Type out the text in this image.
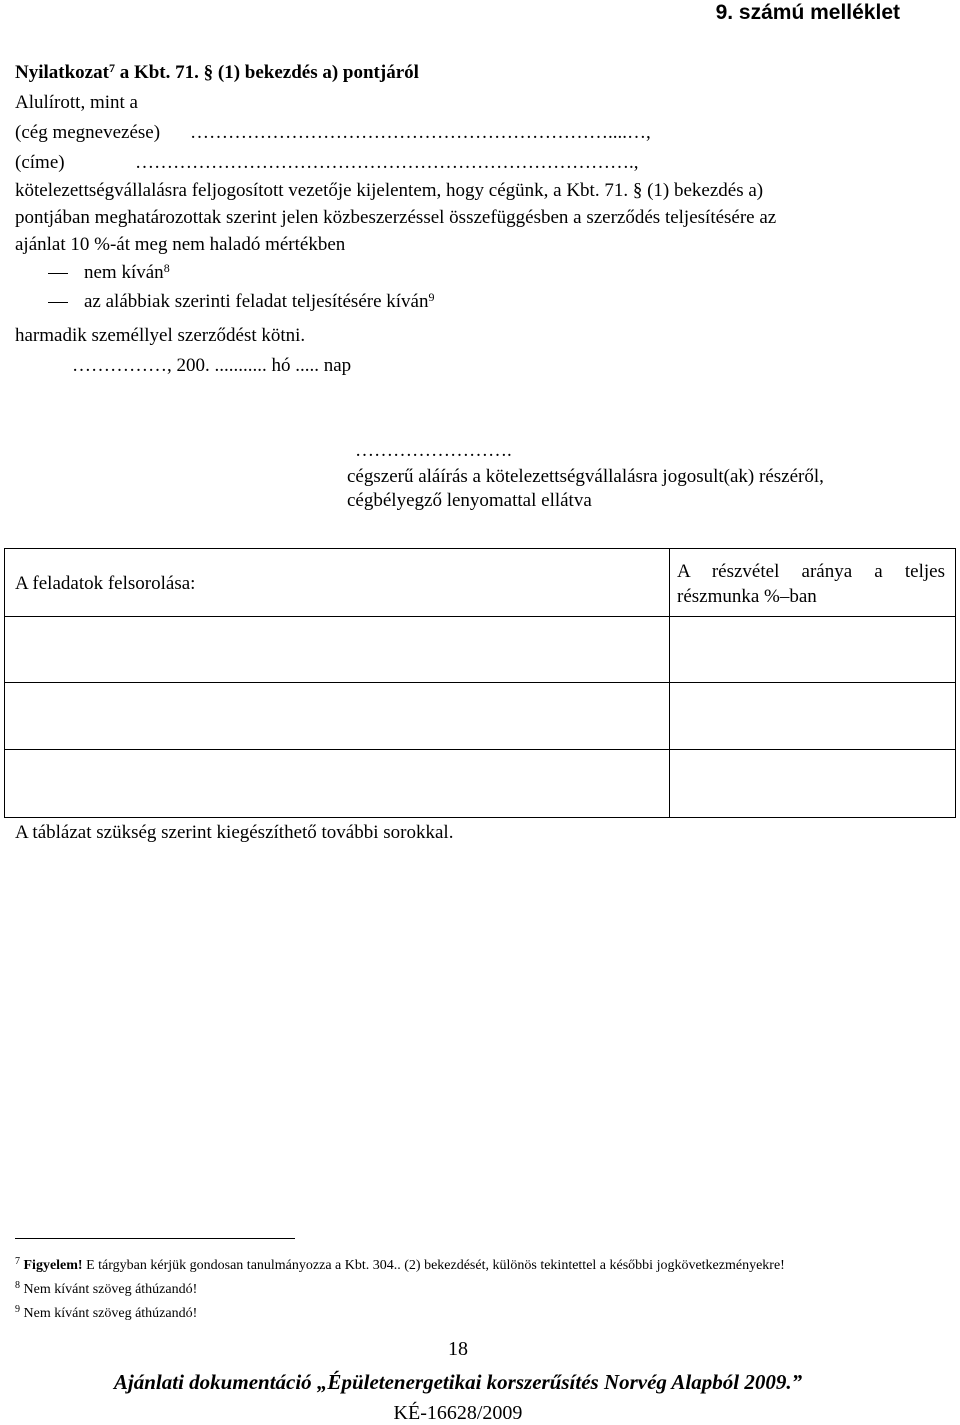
9. számú melléklet
Nyilatkozat$^7$ a Kbt. 71. § (1) bekezdés a) pontjáról
Alulírott, mint a
(cég megnevezése) …………………………………………………………....…,
(címe)	…………………………………………………………………….,
kötelezettségvállalásra feljogosított vezetője kijelentem, hogy cégünk, a Kbt. 71. § (1) bekezdés a)
pontjában meghatározottak szerint jelen közbeszerzéssel összefüggésben a szerződés teljesítésére az
ajánlat 10 %-át meg nem haladó mértékben
nem kíván$^8$
az alábbiak szerinti feladat teljesítésére kíván$^9$
harmadik személlyel szerződést kötni.
……………, 200. ........... hó ..... nap
…………………….
cégszerű aláírás a kötelezettségvállalásra jogosult(ak) részéről,
cégbélyegző lenyomattal ellátva
A feladatok felsorolása:
A részvétel aránya a teljes
részmunka %–ban
A táblázat szükség szerint kiegészíthető további sorokkal.
$^7$ Figyelem! E tárgyban kérjük gondosan tanulmányozza a Kbt. 304.. (2) bekezdését, különös tekintettel a későbbi jogkövetkezményekre!
$^8$ Nem kívánt szöveg áthúzandó!
$^9$ Nem kívánt szöveg áthúzandó!
18
Ajánlati dokumentáció „Épületenergetikai korszerűsítés Norvég Alapból 2009.”
KÉ-16628/2009
